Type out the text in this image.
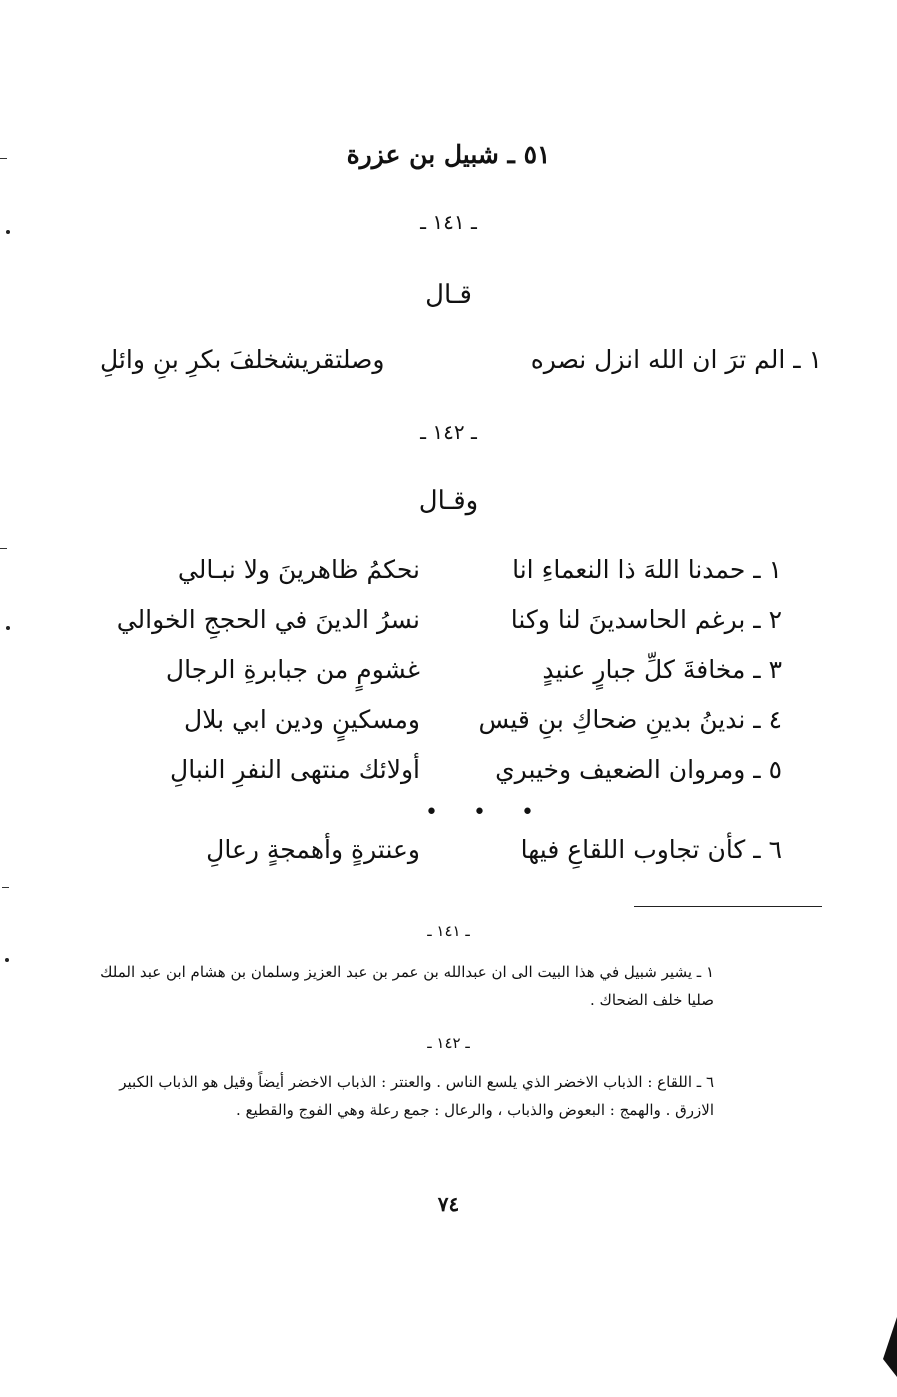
٥١ ـ شبيل بن عزرة
ـ ١٤١ ـ
قـال
١ ـ الم ترَ ان الله انزل نصره
وصلتقريشخلفَ بكرِ بنِ وائلِ
ـ ١٤٢ ـ
وقـال
١ ـ حمدنا اللهَ ذا النعماءِ انا
نحكمُ ظاهرينَ ولا نبـالي
٢ ـ برغم الحاسدينَ لنا وكنا
نسرُ الدينَ في الحججِ الخوالي
٣ ـ مخافةَ كلِّ جبارٍ عنيدٍ
غشومٍ من جبابرةِ الرجال
٤ ـ ندينُ بدينِ ضحاكِ بنِ قيس
ومسكينٍ ودين ابي بلال
٥ ـ ومروان الضعيف وخيبري
أولائك منتهى النفرِ النبالِ
• • •
٦ ـ كأن تجاوب اللقاعِ فيها
وعنترةٍ وأهمجةٍ رعالِ
ـ ١٤١ ـ
١ ـ يشير شبيل في هذا البيت الى ان عبدالله بن عمر بن عبد العزيز وسلمان بن هشام ابن عبد الملك صليا خلف الضحاك .
ـ ١٤٢ ـ
٦ ـ اللقاع : الذباب الاخضر الذي يلسع الناس . والعنتر : الذباب الاخضر أيضاً وقيل هو الذباب الكبير الازرق . والهمج : البعوض والذباب ، والرعال : جمع رعلة وهي الفوج والقطيع .
٧٤
